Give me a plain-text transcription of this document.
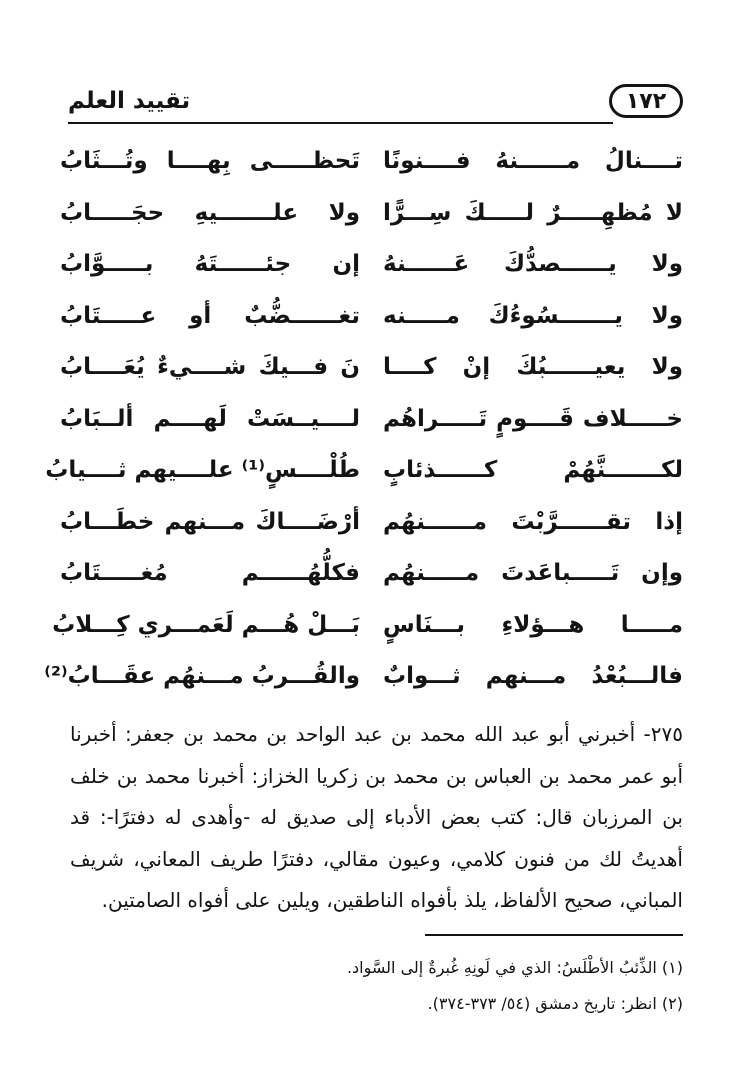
١٧٢
تقييد العلم
تــــنالُ مــــــنهُ فــــنونًا
تَحظـــــى بِهــــا وتُـــثَابُ
لا مُظهِـــــرٌ لـــــكَ سِـــرًّا
ولا علـــــــيهِ حجَـــــابُ
ولا يــــــصدُّكَ عَــــــنهُ
إن جئــــــتَهُ بـــــوَّابُ
ولا يـــــــسُوءُكَ مـــــنه
تغــــــضُّبٌ أو عـــــتَابُ
ولا يعيــــــبُكَ إنْ كــــا
نَ فـــيكَ شــــيءٌ يُعَــــابُ
خـــــلاف قَــــومٍ تَـــــراهُم
لــــيــسَتْ لَهــــم ألــبَابُ
لكـــــــنَّهُمْ كــــــذئابٍ
طُلْــــسٍ⁽¹⁾ علــــيهم ثــــيابُ
إذا تقــــــرَّبْتَ مــــــنهُم
أرْضَــــاكَ مـــنهم خطَـــابُ
وإن تَـــــباعَدتَ مـــــنهُم
فكلُّهُــــــم مُغـــــتَابُ
مـــــا هـــؤلاءِ بـــنَاسٍ
بَـــلْ هُـــم لَعَمـــري كِـــلابُ
فالـــبُعْدُ مـــنهم ثـــوابٌ
والقُـــربُ مـــنهُم عقَـــابُ⁽²⁾
٢٧٥- أخبرني أبو عبد الله محمد بن عبد الواحد بن محمد بن جعفر: أخبرنا أبو عمر محمد بن العباس بن محمد بن زكريا الخزاز: أخبرنا محمد بن خلف بن المرزبان قال: كتب بعض الأدباء إلى صديق له -وأهدى له دفترًا-: قد أهديتُ لك من فنون كلامي، وعيون مقالي، دفترًا طريف المعاني، شريف المباني، صحيح الألفاظ، يلذ بأفواه الناطقين، ويلين على أفواه الصامتين.
(١) الذِّئبُ الأطْلَسُ: الذي في لَونِهِ غُبرةٌ إلى السَّواد.
(٢) انظر: تاريخ دمشق (٥٤/ ٣٧٣-٣٧٤).
